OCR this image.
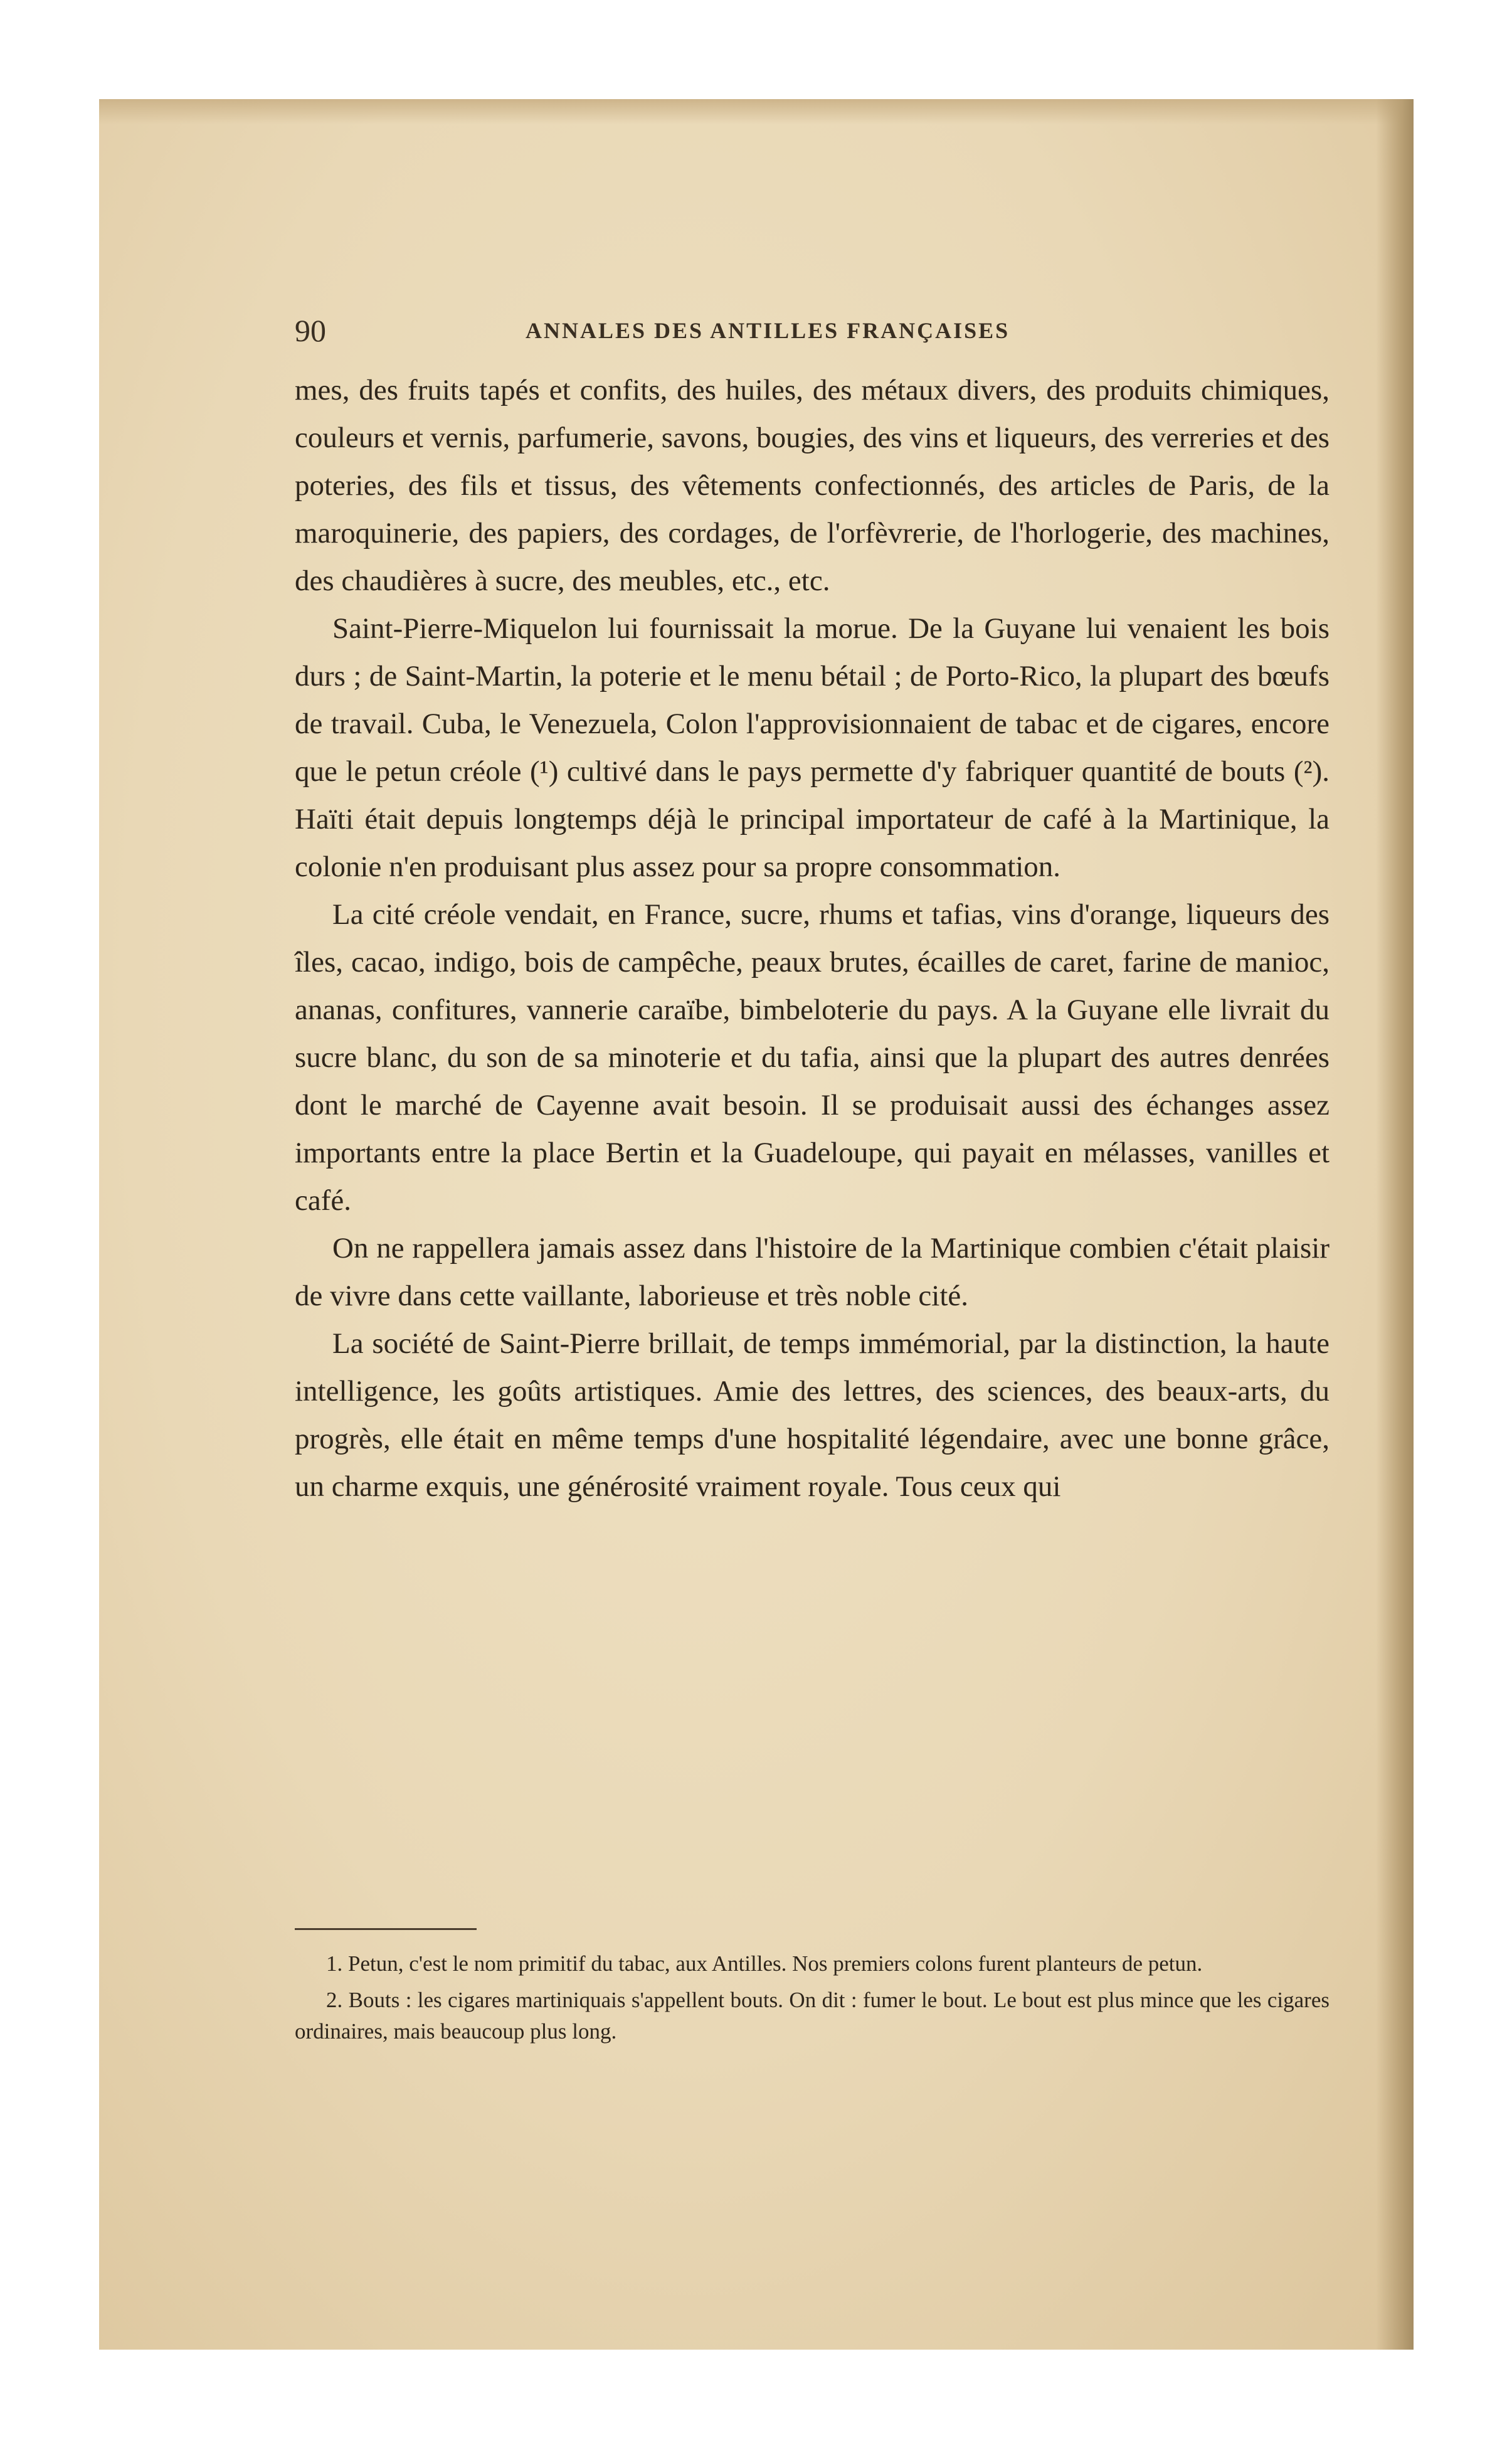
90	ANNALES DES ANTILLES FRANÇAISES

mes, des fruits tapés et confits, des huiles, des métaux divers, des produits chimiques, couleurs et vernis, parfumerie, savons, bougies, des vins et liqueurs, des verreries et des poteries, des fils et tissus, des vêtements confectionnés, des articles de Paris, de la maroquinerie, des papiers, des cordages, de l'orfèvrerie, de l'horlogerie, des machines, des chaudières à sucre, des meubles, etc., etc.

Saint-Pierre-Miquelon lui fournissait la morue. De la Guyane lui venaient les bois durs ; de Saint-Martin, la poterie et le menu bétail ; de Porto-Rico, la plupart des bœufs de travail. Cuba, le Venezuela, Colon l'approvisionnaient de tabac et de cigares, encore que le petun créole (¹) cultivé dans le pays permette d'y fabriquer quantité de bouts (²). Haïti était depuis longtemps déjà le principal importateur de café à la Martinique, la colonie n'en produisant plus assez pour sa propre consommation.

La cité créole vendait, en France, sucre, rhums et tafias, vins d'orange, liqueurs des îles, cacao, indigo, bois de campêche, peaux brutes, écailles de caret, farine de manioc, ananas, confitures, vannerie caraïbe, bimbeloterie du pays. A la Guyane elle livrait du sucre blanc, du son de sa minoterie et du tafia, ainsi que la plupart des autres denrées dont le marché de Cayenne avait besoin. Il se produisait aussi des échanges assez importants entre la place Bertin et la Guadeloupe, qui payait en mélasses, vanilles et café.

On ne rappellera jamais assez dans l'histoire de la Martinique combien c'était plaisir de vivre dans cette vaillante, laborieuse et très noble cité.

La société de Saint-Pierre brillait, de temps immémorial, par la distinction, la haute intelligence, les goûts artistiques. Amie des lettres, des sciences, des beaux-arts, du progrès, elle était en même temps d'une hospitalité légendaire, avec une bonne grâce, un charme exquis, une générosité vraiment royale. Tous ceux qui

1. Petun, c'est le nom primitif du tabac, aux Antilles. Nos premiers colons furent planteurs de petun.

2. Bouts : les cigares martiniquais s'appellent bouts. On dit : fumer le bout. Le bout est plus mince que les cigares ordinaires, mais beaucoup plus long.
